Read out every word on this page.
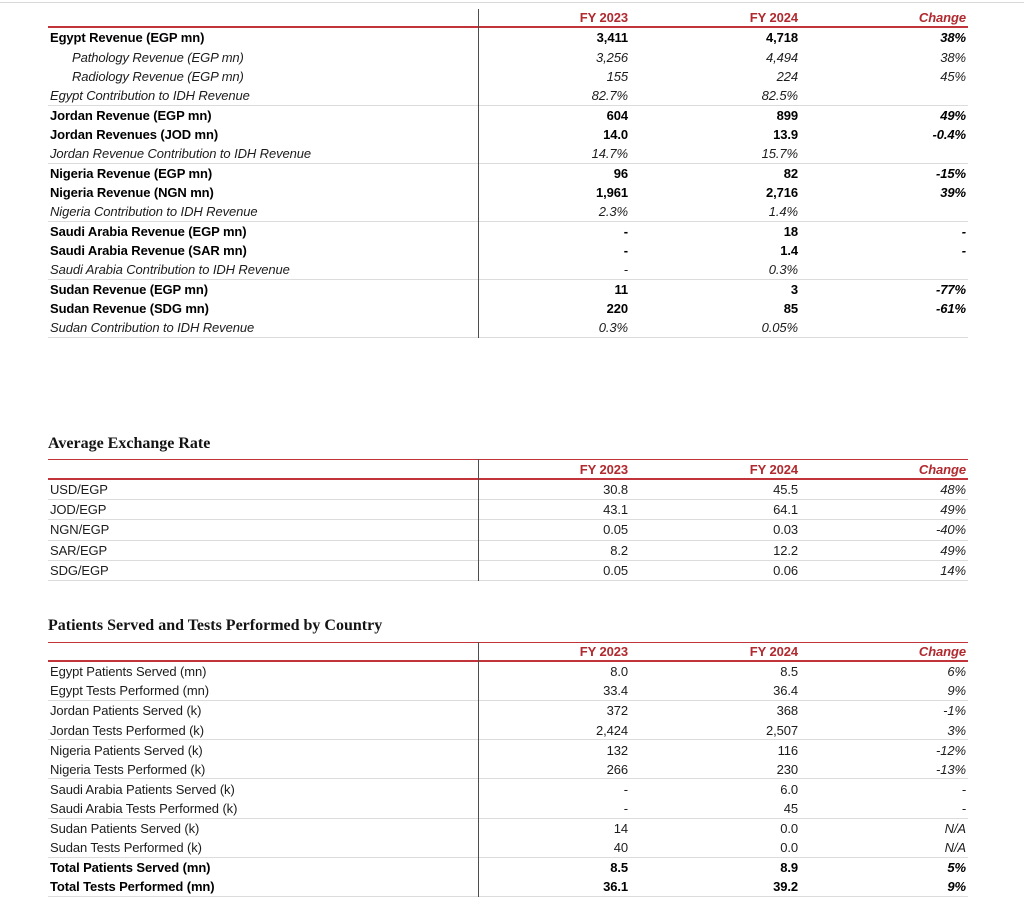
FY 2023	FY 2024	Change
Egypt Revenue (EGP mn)	3,411	4,718	38%
Pathology Revenue (EGP mn)	3,256	4,494	38%
Radiology Revenue (EGP mn)	155	224	45%
Egypt Contribution to IDH Revenue	82.7%	82.5%
Jordan Revenue (EGP mn)	604	899	49%
Jordan Revenues (JOD mn)	14.0	13.9	-0.4%
Jordan Revenue Contribution to IDH Revenue	14.7%	15.7%
Nigeria Revenue (EGP mn)	96	82	-15%
Nigeria Revenue (NGN mn)	1,961	2,716	39%
Nigeria Contribution to IDH Revenue	2.3%	1.4%
Saudi Arabia Revenue (EGP mn)	-	18	-
Saudi Arabia Revenue (SAR mn)	-	1.4	-
Saudi Arabia Contribution to IDH Revenue	-	0.3%
Sudan Revenue (EGP mn)	11	3	-77%
Sudan Revenue (SDG mn)	220	85	-61%
Sudan Contribution to IDH Revenue	0.3%	0.05%
Average Exchange Rate
FY 2023	FY 2024	Change
USD/EGP	30.8	45.5	48%
JOD/EGP	43.1	64.1	49%
NGN/EGP	0.05	0.03	-40%
SAR/EGP	8.2	12.2	49%
SDG/EGP	0.05	0.06	14%
Patients Served and Tests Performed by Country
FY 2023	FY 2024	Change
Egypt Patients Served (mn)	8.0	8.5	6%
Egypt Tests Performed (mn)	33.4	36.4	9%
Jordan Patients Served (k)	372	368	-1%
Jordan Tests Performed (k)	2,424	2,507	3%
Nigeria Patients Served (k)	132	116	-12%
Nigeria Tests Performed (k)	266	230	-13%
Saudi Arabia Patients Served (k)	-	6.0	-
Saudi Arabia Tests Performed (k)	-	45	-
Sudan Patients Served (k)	14	0.0	N/A
Sudan Tests Performed (k)	40	0.0	N/A
Total Patients Served (mn)	8.5	8.9	5%
Total Tests Performed (mn)	36.1	39.2	9%
